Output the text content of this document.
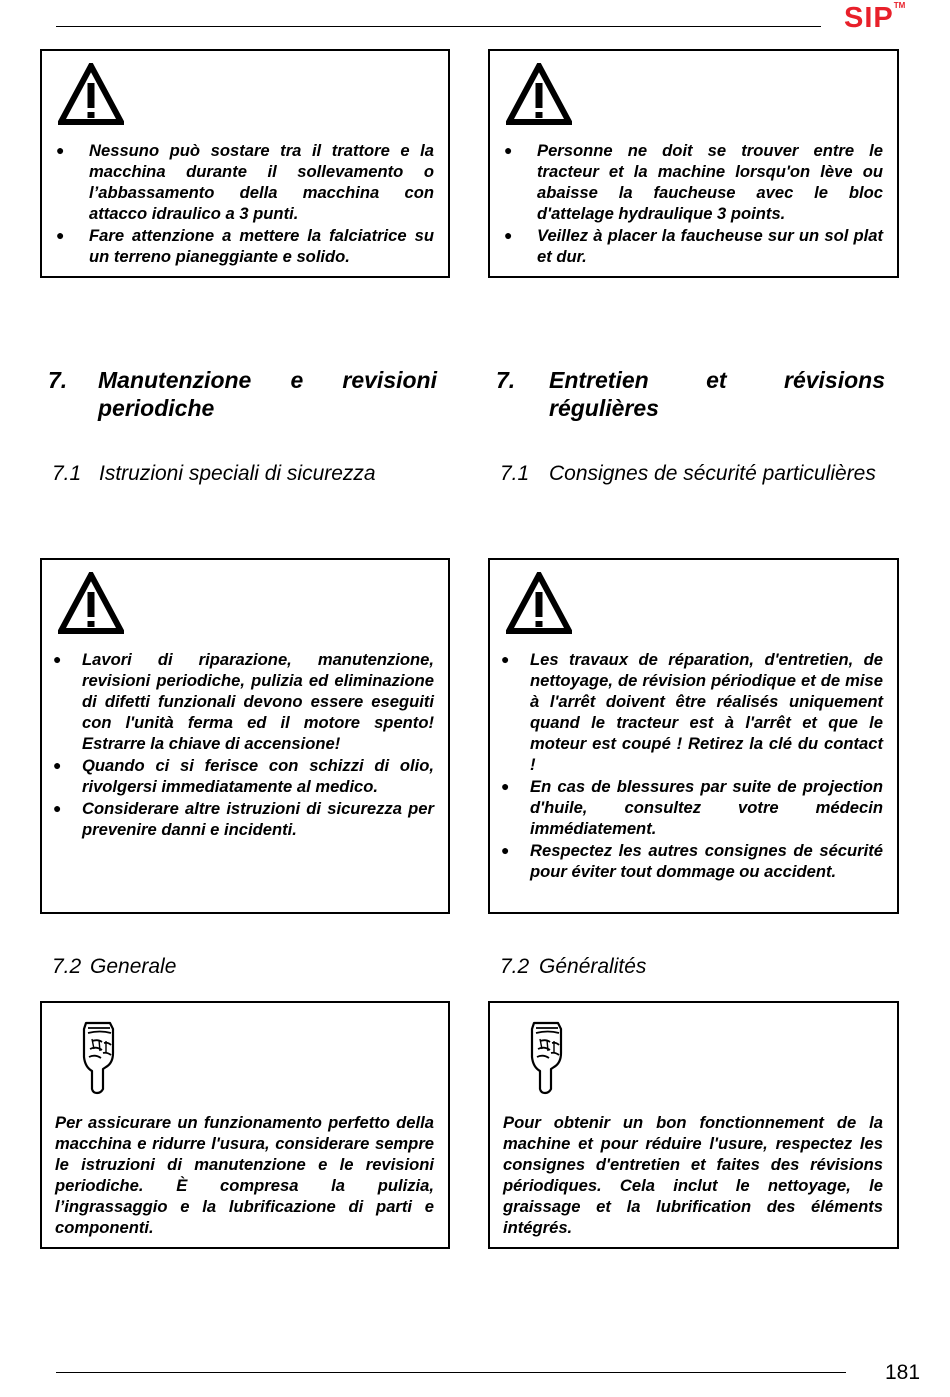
SIP™
● Nessuno può sostare tra il trattore e la macchina durante il sollevamento o l’abbassamento della macchina con attacco idraulico a 3 punti.
● Fare attenzione a mettere la falciatrice su un terreno pianeggiante e solido.
● Personne ne doit se trouver entre le tracteur et la machine lorsqu'on lève ou abaisse la faucheuse avec le bloc d'attelage hydraulique 3 points.
● Veillez à placer la faucheuse sur un sol plat et dur.
7. Manutenzione e revisioni periodiche
7. Entretien et révisions régulières
7.1 Istruzioni speciali di sicurezza	7.1 Consignes de sécurité particulières
● Lavori di riparazione, manutenzione, revisioni periodiche, pulizia ed eliminazione di difetti funzionali devono essere eseguiti con l'unità ferma ed il motore spento! Estrarre la chiave di accensione!
● Quando ci si ferisce con schizzi di olio, rivolgersi immediatamente al medico.
● Considerare altre istruzioni di sicurezza per prevenire danni e incidenti.
● Les travaux de réparation, d'entretien, de nettoyage, de révision périodique et de mise à l'arrêt doivent être réalisés uniquement quand le tracteur est à l'arrêt et que le moteur est coupé ! Retirez la clé du contact !
● En cas de blessures par suite de projection d'huile, consultez votre médecin immédiatement.
● Respectez les autres consignes de sécurité pour éviter tout dommage ou accident.
7.2 Generale	7.2 Généralités

Per assicurare un funzionamento perfetto della macchina e ridurre l'usura, considerare sempre le istruzioni di manutenzione e le revisioni periodiche. È compresa la pulizia, l’ingrassaggio e la lubrificazione di parti e componenti.

Pour obtenir un bon fonctionnement de la machine et pour réduire l'usure, respectez les consignes d'entretien et faites des révisions périodiques. Cela inclut le nettoyage, le graissage et la lubrification des éléments intégrés.

181
